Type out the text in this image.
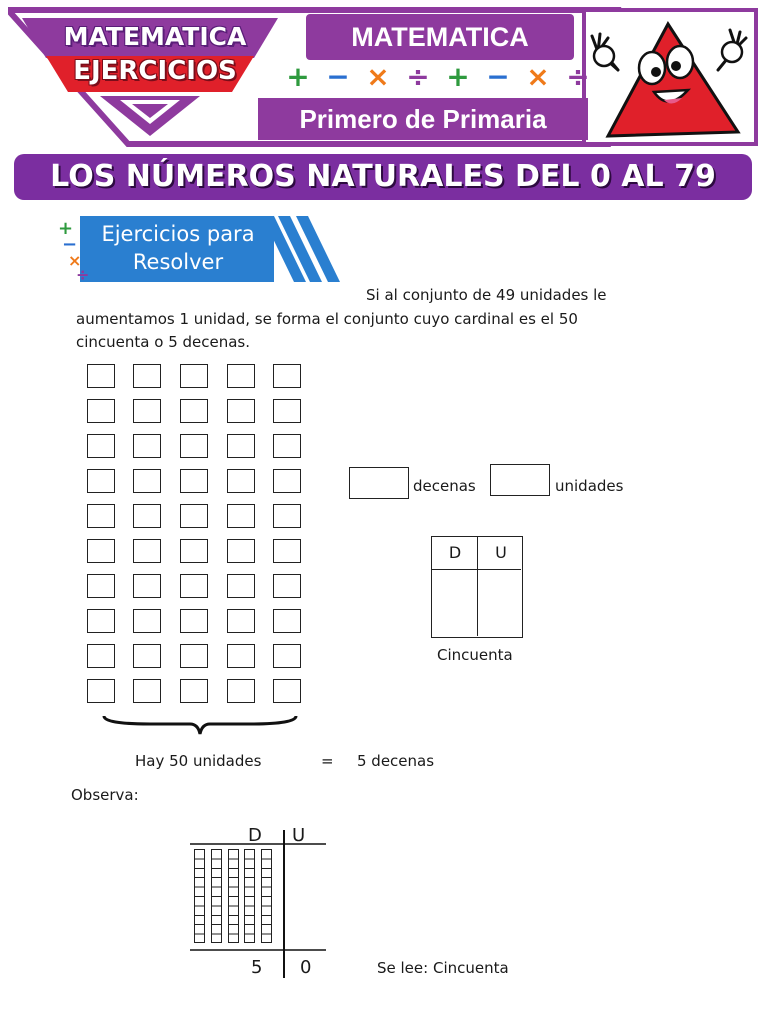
MATEMATICA
EJERCICIOS
MATEMATICA
Primero de Primaria
+ − × ÷ + − × ÷
LOS NÚMEROS NATURALES DEL 0 AL 79
+
−
×
÷
Ejercicios para
Resolver
Si al conjunto de 49 unidades le
aumentamos 1 unidad, se forma el conjunto cuyo cardinal es el 50
cincuenta o 5 decenas.
decenas	unidades
D	U
Cincuenta
Hay 50 unidades	= 5 decenas
Observa:
D U
5 0	Se lee: Cincuenta
